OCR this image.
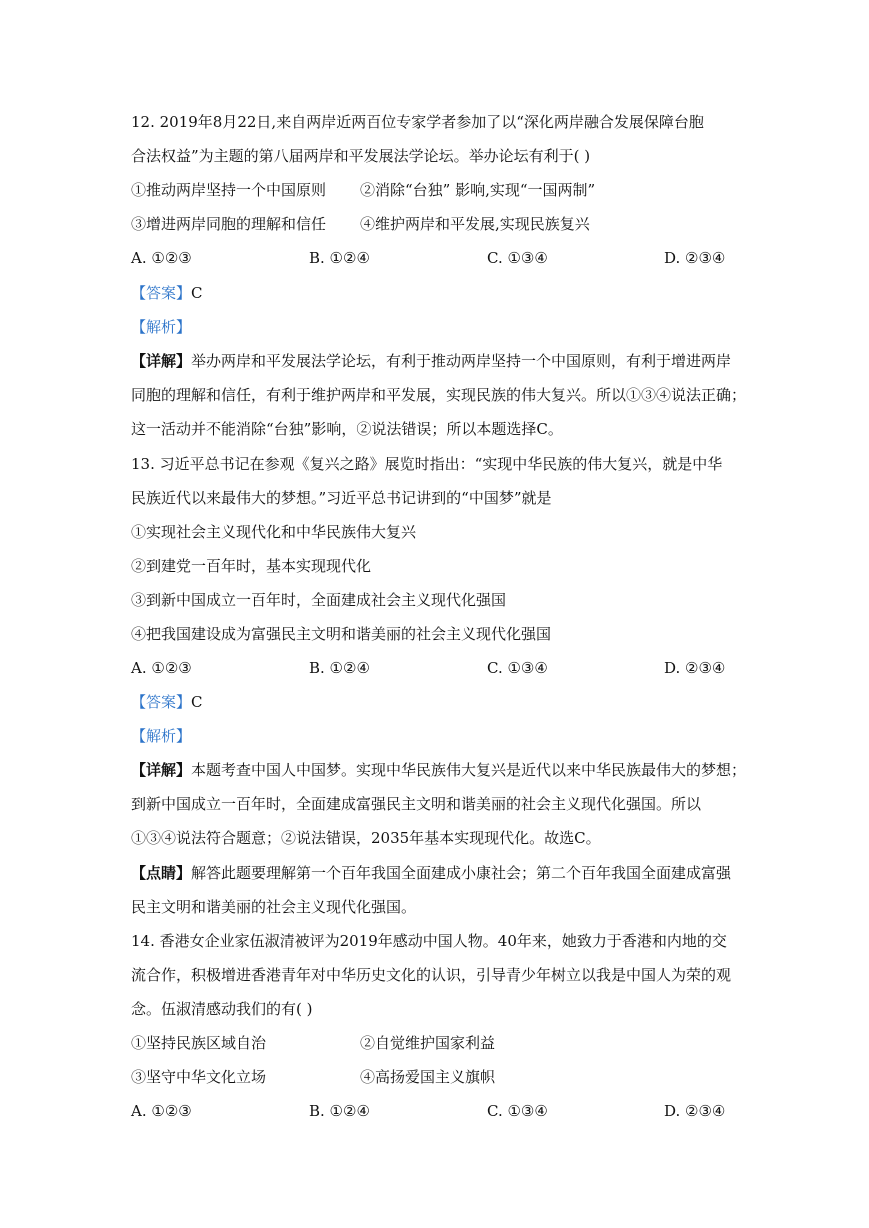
12. 2019年8月22日,来自两岸近两百位专家学者参加了以“深化两岸融合发展保障台胞
合法权益”为主题的第八届两岸和平发展法学论坛。举办论坛有利于( )
①推动两岸坚持一个中国原则 ②消除“台独” 影响,实现“一国两制”
③增进两岸同胞的理解和信任 ④维护两岸和平发展,实现民族复兴
A. ①②③	B. ①②④	C. ①③④	D. ②③④
【答案】C
【解析】
【详解】举办两岸和平发展法学论坛，有利于推动两岸坚持一个中国原则，有利于增进两岸
同胞的理解和信任，有利于维护两岸和平发展，实现民族的伟大复兴。所以①③④说法正确；
这一活动并不能消除“台独”影响，②说法错误；所以本题选择C。
13. 习近平总书记在参观《复兴之路》展览时指出：“实现中华民族的伟大复兴，就是中华
民族近代以来最伟大的梦想。”习近平总书记讲到的“中国梦”就是
①实现社会主义现代化和中华民族伟大复兴
②到建党一百年时，基本实现现代化
③到新中国成立一百年时，全面建成社会主义现代化强国
④把我国建设成为富强民主文明和谐美丽的社会主义现代化强国
A. ①②③	B. ①②④	C. ①③④	D. ②③④
【答案】C
【解析】
【详解】本题考查中国人中国梦。实现中华民族伟大复兴是近代以来中华民族最伟大的梦想；
到新中国成立一百年时，全面建成富强民主文明和谐美丽的社会主义现代化强国。所以
①③④说法符合题意；②说法错误，2035年基本实现现代化。故选C。
【点睛】解答此题要理解第一个百年我国全面建成小康社会；第二个百年我国全面建成富强
民主文明和谐美丽的社会主义现代化强国。
14. 香港女企业家伍淑清被评为2019年感动中国人物。40年来，她致力于香港和内地的交
流合作，积极增进香港青年对中华历史文化的认识，引导青少年树立以我是中国人为荣的观
念。伍淑清感动我们的有( )
①坚持民族区域自治	②自觉维护国家利益
③坚守中华文化立场	④高扬爱国主义旗帜
A. ①②③	B. ①②④	C. ①③④	D. ②③④
